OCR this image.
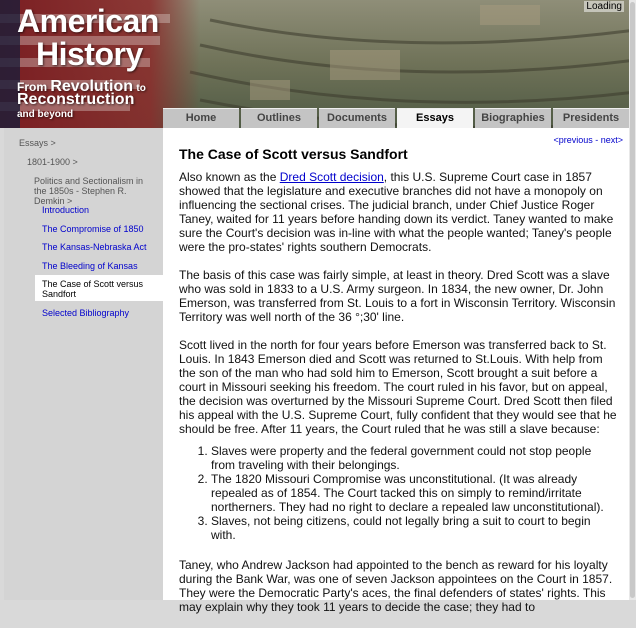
American
History
From Revolution to
Reconstruction
and beyond
Loading
Home	Outlines	Documents	Essays	Biographies	Presidents
Essays >
1801-1900 >
Politics and Sectionalism in the 1850s - Stephen R. Demkin >
Introduction
The Compromise of 1850
The Kansas-Nebraska Act
The Bleeding of Kansas
The Case of Scott versus Sandfort
Selected Bibliography
<previous - next>
The Case of Scott versus Sandfort

Also known as the Dred Scott decision, this U.S. Supreme Court case in 1857 showed that the legislature and executive branches did not have a monopoly on influencing the sectional crises. The judicial branch, under Chief Justice Roger Taney, waited for 11 years before handing down its verdict. Taney wanted to make sure the Court's decision was in-line with what the people wanted; Taney's people were the pro-states' rights southern Democrats.

The basis of this case was fairly simple, at least in theory. Dred Scott was a slave who was sold in 1833 to a U.S. Army surgeon. In 1834, the new owner, Dr. John Emerson, was transferred from St. Louis to a fort in Wisconsin Territory. Wisconsin Territory was well north of the 36 °;30' line.

Scott lived in the north for four years before Emerson was transferred back to St. Louis. In 1843 Emerson died and Scott was returned to St.Louis. With help from the son of the man who had sold him to Emerson, Scott brought a suit before a court in Missouri seeking his freedom. The court ruled in his favor, but on appeal, the decision was overturned by the Missouri Supreme Court. Dred Scott then filed his appeal with the U.S. Supreme Court, fully confident that they would see that he should be free. After 11 years, the Court ruled that he was still a slave because:

1. Slaves were property and the federal government could not stop people from traveling with their belongings.
2. The 1820 Missouri Compromise was unconstitutional. (It was already repealed as of 1854. The Court tacked this on simply to remind/irritate northerners. They had no right to declare a repealed law unconstitutional).
3. Slaves, not being citizens, could not legally bring a suit to court to begin with.

Taney, who Andrew Jackson had appointed to the bench as reward for his loyalty during the Bank War, was one of seven Jackson appointees on the Court in 1857. They were the Democratic Party's aces, the final defenders of states' rights. This may explain why they took 11 years to decide the case; they had to
